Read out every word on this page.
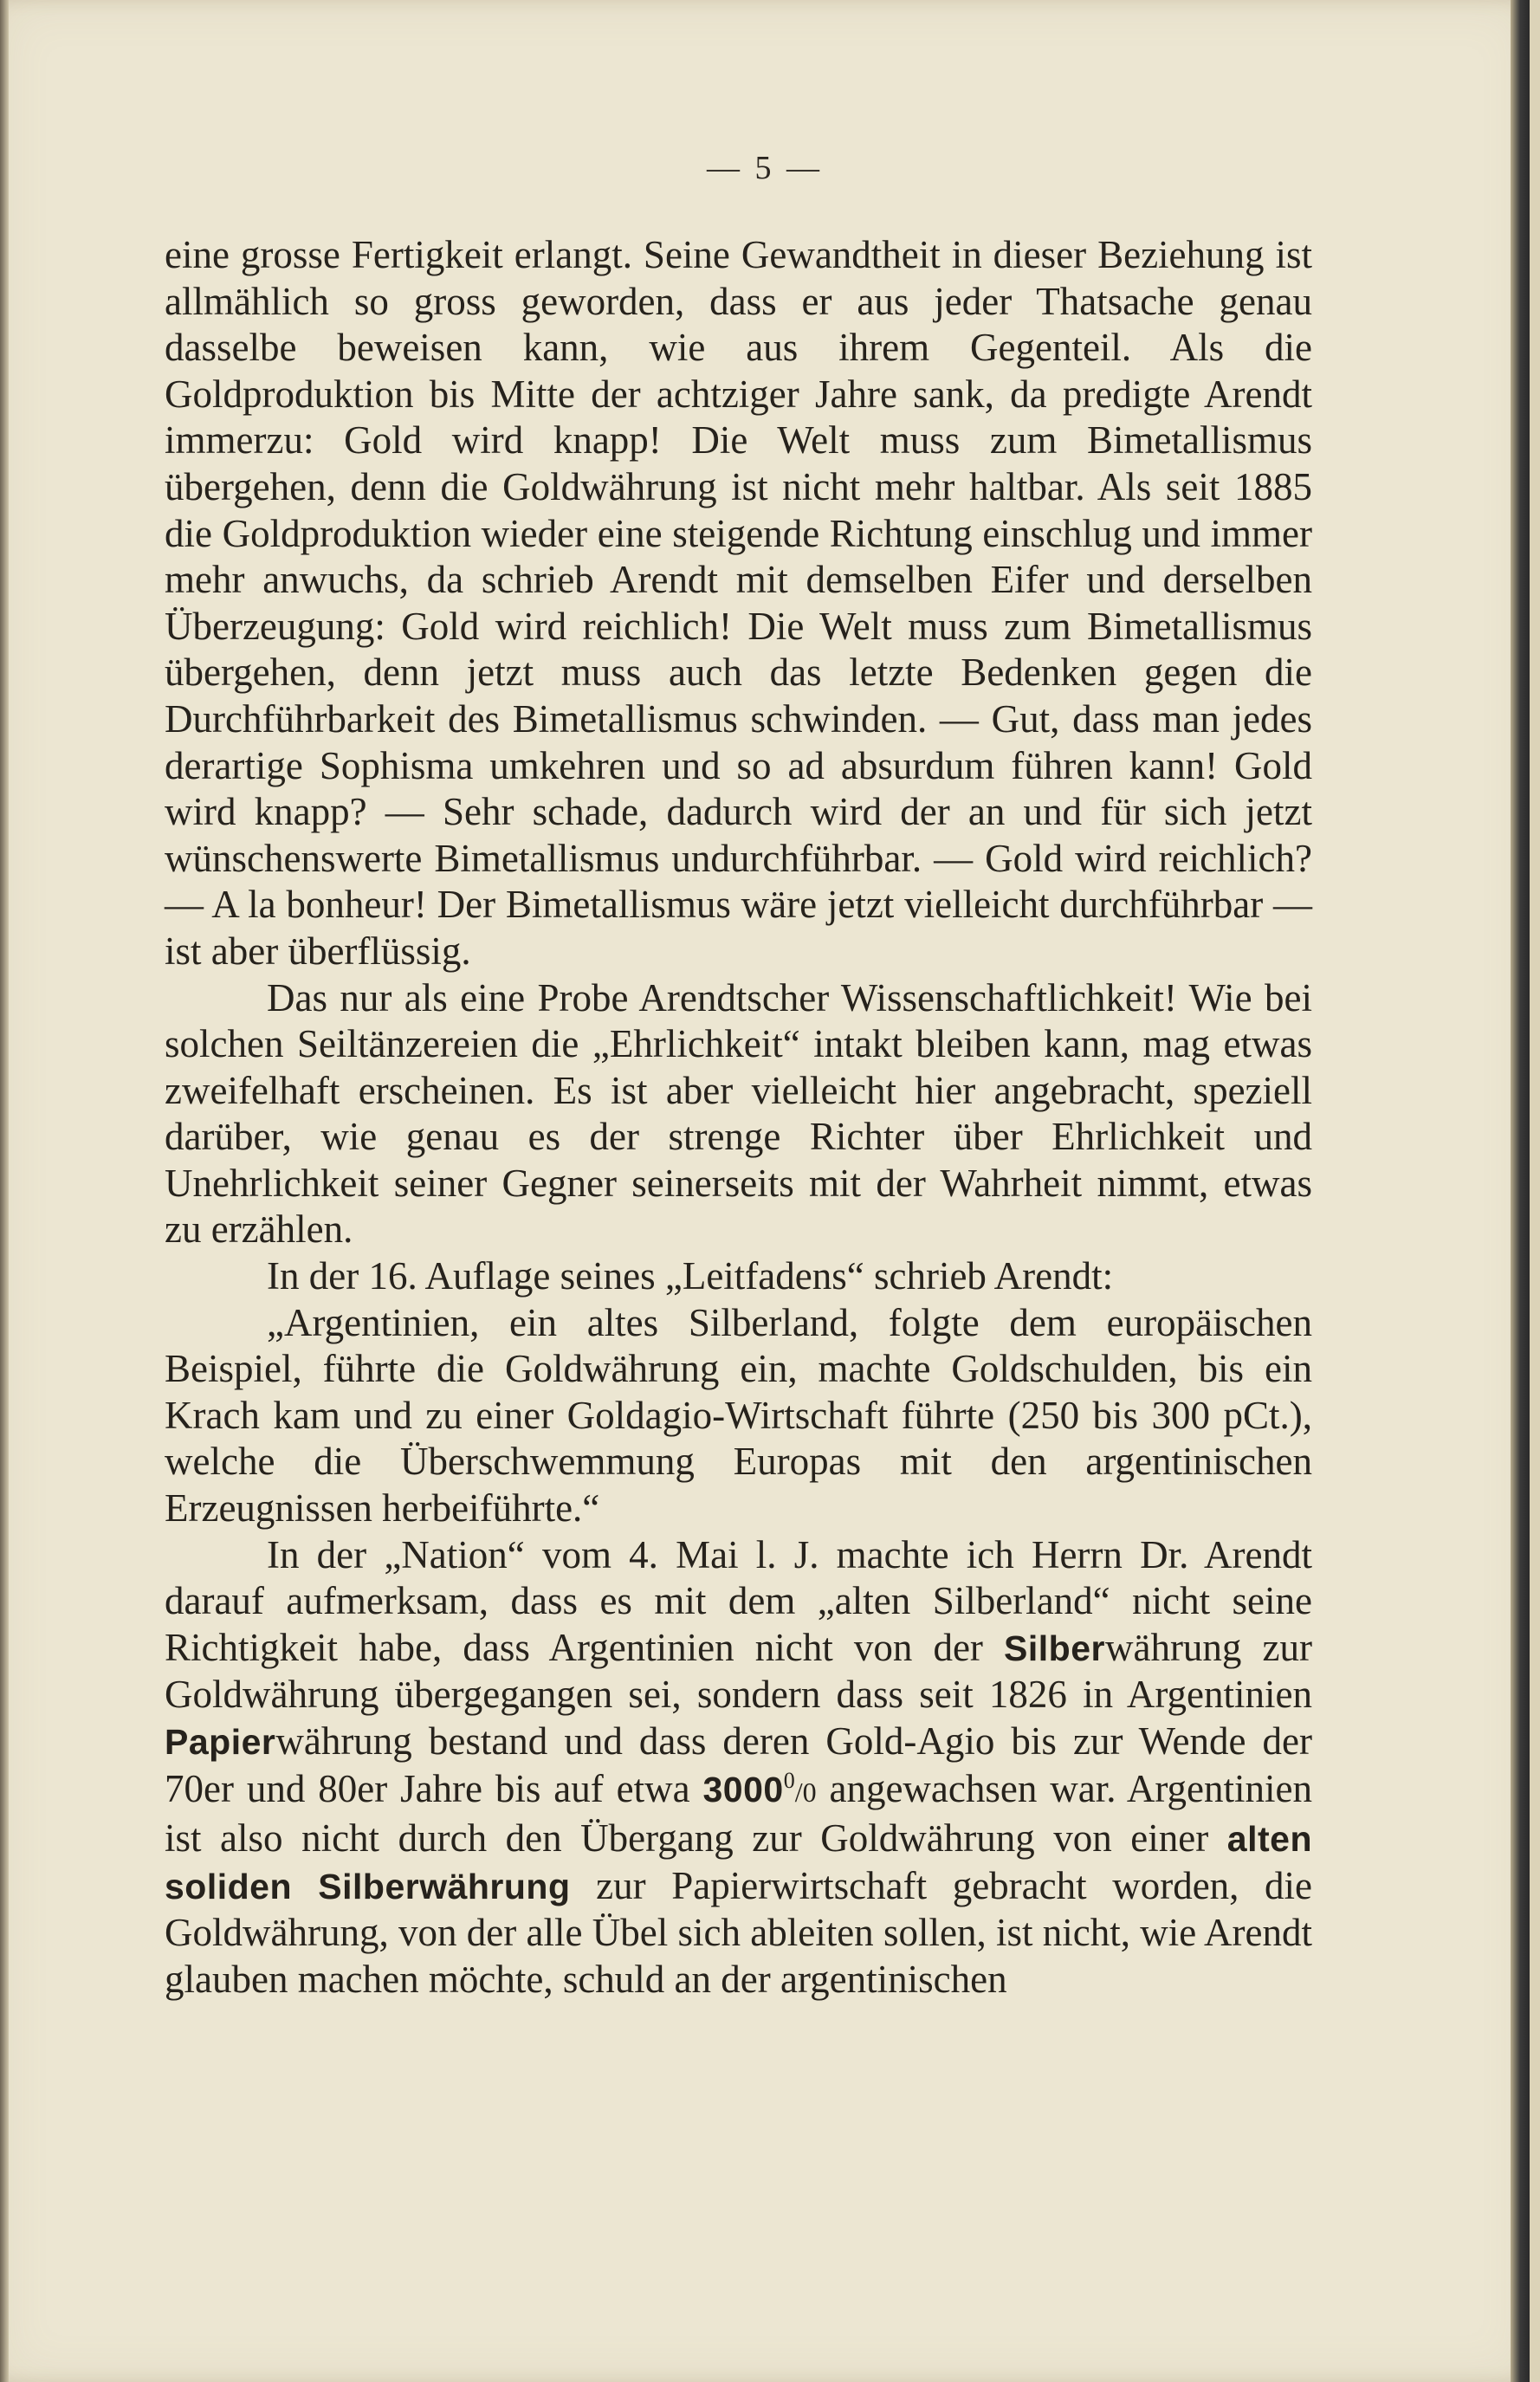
— 5 —

eine grosse Fertigkeit erlangt. Seine Gewandtheit in dieser Beziehung ist allmählich so gross geworden, dass er aus jeder Thatsache genau dasselbe beweisen kann, wie aus ihrem Gegenteil. Als die Goldproduktion bis Mitte der achtziger Jahre sank, da predigte Arendt immerzu: Gold wird knapp! Die Welt muss zum Bimetallismus übergehen, denn die Goldwährung ist nicht mehr haltbar. Als seit 1885 die Goldproduktion wieder eine steigende Richtung einschlug und immer mehr anwuchs, da schrieb Arendt mit demselben Eifer und derselben Überzeugung: Gold wird reichlich! Die Welt muss zum Bimetallismus übergehen, denn jetzt muss auch das letzte Bedenken gegen die Durchführbarkeit des Bimetallismus schwinden. — Gut, dass man jedes derartige Sophisma umkehren und so ad absurdum führen kann! Gold wird knapp? — Sehr schade, dadurch wird der an und für sich jetzt wünschenswerte Bimetallismus undurchführbar. — Gold wird reichlich? — A la bonheur! Der Bimetallismus wäre jetzt vielleicht durchführbar — ist aber überflüssig.

Das nur als eine Probe Arendtscher Wissenschaftlichkeit! Wie bei solchen Seiltänzereien die „Ehrlichkeit“ intakt bleiben kann, mag etwas zweifelhaft erscheinen. Es ist aber vielleicht hier angebracht, speziell darüber, wie genau es der strenge Richter über Ehrlichkeit und Unehrlichkeit seiner Gegner seinerseits mit der Wahrheit nimmt, etwas zu erzählen.

In der 16. Auflage seines „Leitfadens“ schrieb Arendt:

„Argentinien, ein altes Silberland, folgte dem europäischen Beispiel, führte die Goldwährung ein, machte Goldschulden, bis ein Krach kam und zu einer Goldagio-Wirtschaft führte (250 bis 300 pCt.), welche die Überschwemmung Europas mit den argentinischen Erzeugnissen herbeiführte.“

In der „Nation“ vom 4. Mai l. J. machte ich Herrn Dr. Arendt darauf aufmerksam, dass es mit dem „alten Silberland“ nicht seine Richtigkeit habe, dass Argentinien nicht von der Silberwährung zur Goldwährung übergegangen sei, sondern dass seit 1826 in Argentinien Papierwährung bestand und dass deren Gold-Agio bis zur Wende der 70er und 80er Jahre bis auf etwa 3000$^0$/0 angewachsen war. Argentinien ist also nicht durch den Übergang zur Goldwährung von einer alten soliden Silberwährung zur Papierwirtschaft gebracht worden, die Goldwährung, von der alle Übel sich ableiten sollen, ist nicht, wie Arendt glauben machen möchte, schuld an der argentinischen
